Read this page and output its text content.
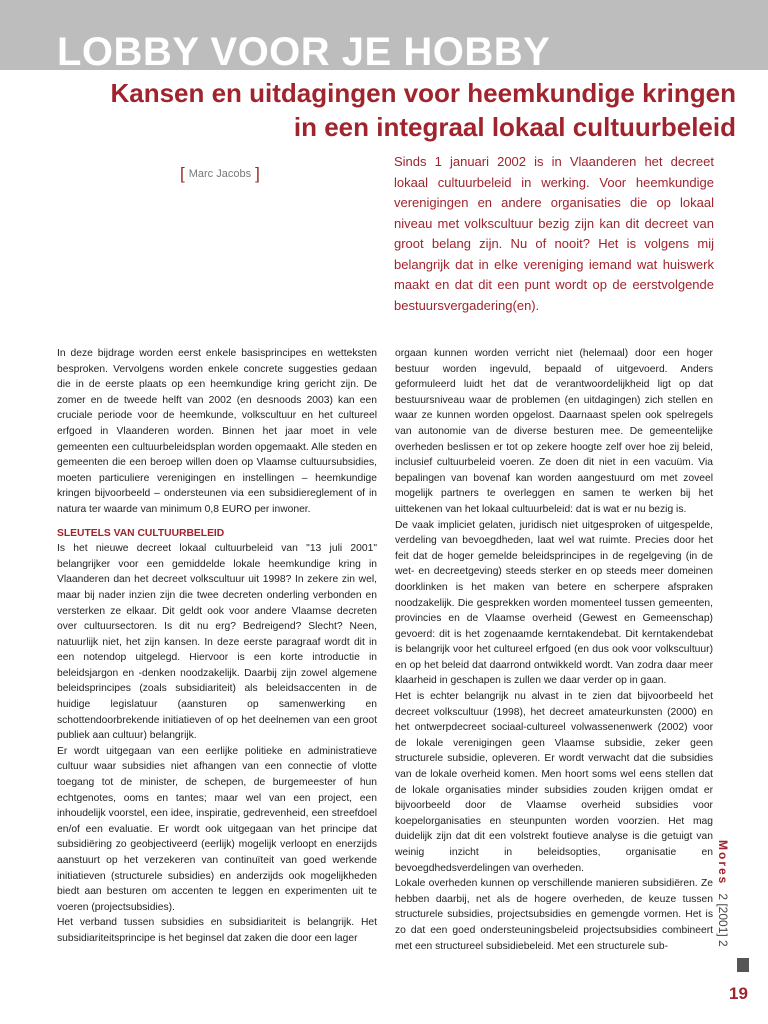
LOBBY VOOR JE HOBBY
Kansen en uitdagingen voor heemkundige kringen in een integraal lokaal cultuurbeleid
[ Marc Jacobs ]
Sinds 1 januari 2002 is in Vlaanderen het decreet lokaal cultuurbeleid in werking. Voor heemkundige verenigingen en andere organisaties die op lokaal niveau met volkscultuur bezig zijn kan dit decreet van groot belang zijn. Nu of nooit? Het is volgens mij belangrijk dat in elke vereniging iemand wat huiswerk maakt en dat dit een punt wordt op de eerstvolgende bestuursvergadering(en).

In deze bijdrage worden eerst enkele basisprincipes en wetteksten besproken. Vervolgens worden enkele concrete suggesties gedaan die in de eerste plaats op een heemkundige kring gericht zijn. De zomer en de tweede helft van 2002 (en desnoods 2003) kan een cruciale periode voor de heemkunde, volkscultuur en het cultureel erfgoed in Vlaanderen worden. Binnen het jaar moet in vele gemeenten een cultuurbeleidsplan worden opgemaakt. Alle steden en gemeenten die een beroep willen doen op Vlaamse cultuursubsidies, moeten particuliere verenigingen en instellingen – heemkundige kringen bijvoorbeeld – ondersteunen via een subsidiereglement of in natura ter waarde van minimum 0,8 EURO per inwoner.

SLEUTELS VAN CULTUURBELEID

Is het nieuwe decreet lokaal cultuurbeleid van "13 juli 2001" belangrijker voor een gemiddelde lokale heemkundige kring in Vlaanderen dan het decreet volkscultuur uit 1998? In zekere zin wel, maar bij nader inzien zijn die twee decreten onderling verbonden en versterken ze elkaar. Dit geldt ook voor andere Vlaamse decreten over cultuursectoren. Is dit nu erg? Bedreigend? Slecht? Neen, natuurlijk niet, het zijn kansen. In deze eerste paragraaf wordt dit in een notendop uitgelegd. Hiervoor is een korte introductie in beleidsjargon en -denken noodzakelijk. Daarbij zijn zowel algemene beleidsprincipes (zoals subsidiariteit) als beleidsaccenten in de huidige legislatuur (aansturen op samenwerking en schottendoorbrekende initiatieven of op het deelnemen van een groot publiek aan cultuur) belangrijk.

Er wordt uitgegaan van een eerlijke politieke en administratieve cultuur waar subsidies niet afhangen van een connectie of vlotte toegang tot de minister, de schepen, de burgemeester of hun echtgenotes, ooms en tantes; maar wel van een project, een inhoudelijk voorstel, een idee, inspiratie, gedrevenheid, een streefdoel en/of een evaluatie. Er wordt ook uitgegaan van het principe dat subsidiëring zo geobjectiveerd (eerlijk) mogelijk verloopt en enerzijds aanstuurt op het verzekeren van continuïteit van goed werkende initiatieven (structurele subsidies) en anderzijds ook mogelijkheden biedt aan besturen om accenten te leggen en experimenten uit te voeren (projectsubsidies).

Het verband tussen subsidies en subsidiariteit is belangrijk. Het subsidiariteitsprincipe is het beginsel dat zaken die door een lager

orgaan kunnen worden verricht niet (helemaal) door een hoger bestuur worden ingevuld, bepaald of uitgevoerd. Anders geformuleerd luidt het dat de verantwoordelijkheid ligt op dat bestuursniveau waar de problemen (en uitdagingen) zich stellen en waar ze kunnen worden opgelost. Daarnaast spelen ook spelregels van autonomie van de diverse besturen mee. De gemeentelijke overheden beslissen er tot op zekere hoogte zelf over hoe zij beleid, inclusief cultuurbeleid voeren. Ze doen dit niet in een vacuüm. Via bepalingen van bovenaf kan worden aangestuurd om met zoveel mogelijk partners te overleggen en samen te werken bij het uittekenen van het lokaal cultuurbeleid: dat is wat er nu bezig is.

De vaak impliciet gelaten, juridisch niet uitgesproken of uitgespelde, verdeling van bevoegdheden, laat wel wat ruimte. Precies door het feit dat de hoger gemelde beleidsprincipes in de regelgeving (in de wet- en decreetgeving) steeds sterker en op steeds meer domeinen doorklinken is het maken van betere en scherpere afspraken noodzakelijk. Die gesprekken worden momenteel tussen gemeenten, provincies en de Vlaamse overheid (Gewest en Gemeenschap) gevoerd: dit is het zogenaamde kerntakendebat. Dit kerntakendebat is belangrijk voor het cultureel erfgoed (en dus ook voor volkscultuur) en op het beleid dat daarrond ontwikkeld wordt. Van zodra daar meer klaarheid in geschapen is zullen we daar verder op in gaan.

Het is echter belangrijk nu alvast in te zien dat bijvoorbeeld het decreet volkscultuur (1998), het decreet amateurkunsten (2000) en het ontwerpdecreet sociaal-cultureel volwassenenwerk (2002) voor de lokale verenigingen geen Vlaamse subsidie, zeker geen structurele subsidie, opleveren. Er wordt verwacht dat die subsidies van de lokale overheid komen. Men hoort soms wel eens stellen dat de lokale organisaties minder subsidies zouden krijgen omdat er bijvoorbeeld door de Vlaamse overheid subsidies voor koepelorganisaties en steunpunten worden voorzien. Het mag duidelijk zijn dat dit een volstrekt foutieve analyse is die getuigt van weinig inzicht in beleidsopties, organisatie en bevoegdhedsverdelingen van overheden.

Lokale overheden kunnen op verschillende manieren subsidiëren. Ze hebben daarbij, net als de hogere overheden, de keuze tussen structurele subsidies, projectsubsidies en gemengde vormen. Het is zo dat een goed ondersteuningsbeleid projectsubsidies combineert met een structureel subsidiebeleid. Met een structurele sub-

Mores2 [2001] 2
19
